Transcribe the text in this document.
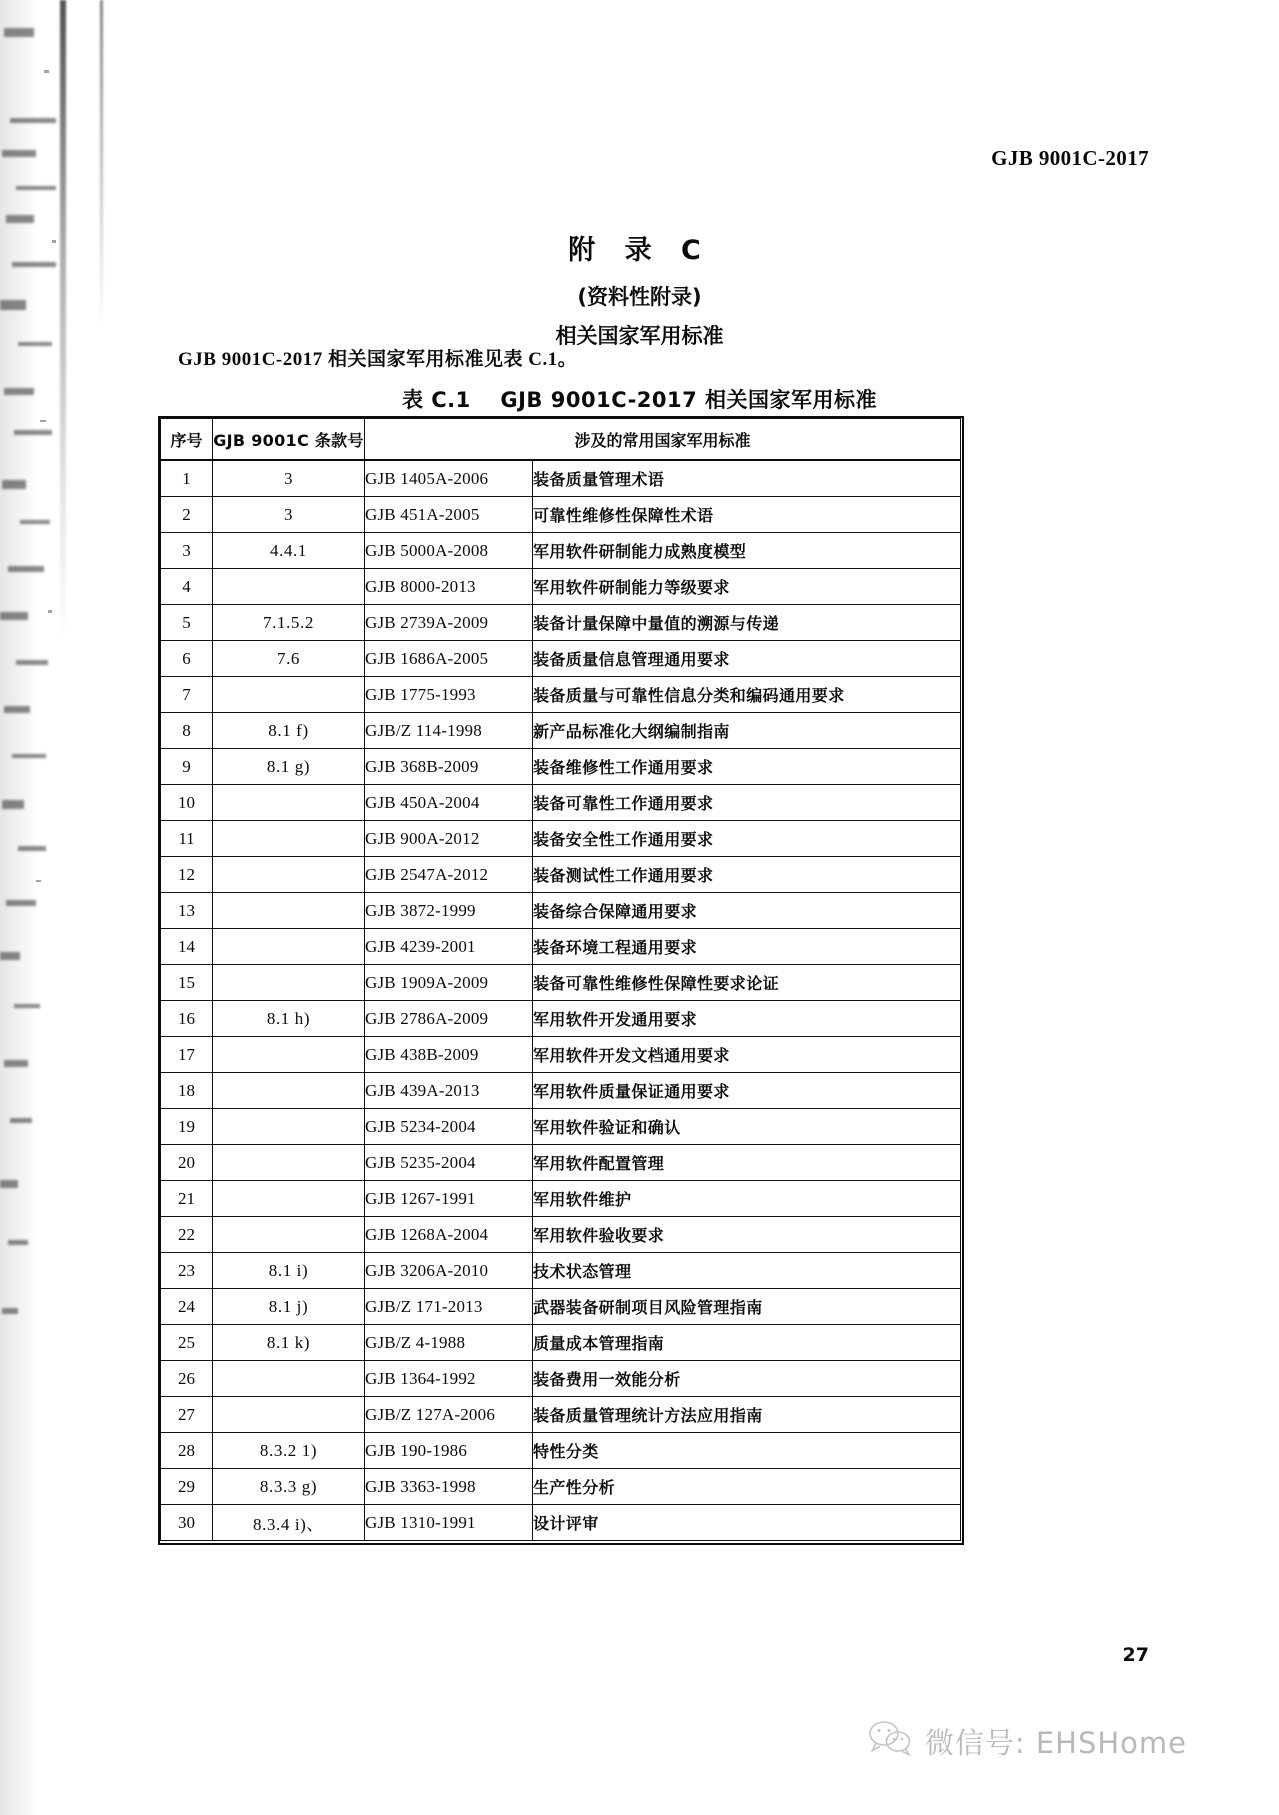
GJB 9001C-2017
附 录 C
(资料性附录)
相关国家军用标准
GJB 9001C-2017 相关国家军用标准见表 C.1。
表 C.1 GJB 9001C-2017 相关国家军用标准
序号	GJB 9001C 条款号	涉及的常用国家军用标准	
1	3	GJB 1405A-2006	装备质量管理术语
2	3	GJB 451A-2005	可靠性维修性保障性术语
3	4.4.1	GJB 5000A-2008	军用软件研制能力成熟度模型
4		GJB 8000-2013	军用软件研制能力等级要求
5	7.1.5.2	GJB 2739A-2009	装备计量保障中量值的溯源与传递
6	7.6	GJB 1686A-2005	装备质量信息管理通用要求
7		GJB 1775-1993	装备质量与可靠性信息分类和编码通用要求
8	8.1 f)	GJB/Z 114-1998	新产品标准化大纲编制指南
9	8.1 g)	GJB 368B-2009	装备维修性工作通用要求
10		GJB 450A-2004	装备可靠性工作通用要求
11		GJB 900A-2012	装备安全性工作通用要求
12		GJB 2547A-2012	装备测试性工作通用要求
13		GJB 3872-1999	装备综合保障通用要求
14		GJB 4239-2001	装备环境工程通用要求
15		GJB 1909A-2009	装备可靠性维修性保障性要求论证
16	8.1 h)	GJB 2786A-2009	军用软件开发通用要求
17		GJB 438B-2009	军用软件开发文档通用要求
18		GJB 439A-2013	军用软件质量保证通用要求
19		GJB 5234-2004	军用软件验证和确认
20		GJB 5235-2004	军用软件配置管理
21		GJB 1267-1991	军用软件维护
22		GJB 1268A-2004	军用软件验收要求
23	8.1 i)	GJB 3206A-2010	技术状态管理
24	8.1 j)	GJB/Z 171-2013	武器装备研制项目风险管理指南
25	8.1 k)	GJB/Z 4-1988	质量成本管理指南
26		GJB 1364-1992	装备费用一效能分析
27		GJB/Z 127A-2006	装备质量管理统计方法应用指南
28	8.3.2 1)	GJB 190-1986	特性分类
29	8.3.3 g)	GJB 3363-1998	生产性分析
30	8.3.4 i)、	GJB 1310-1991	设计评审
27
微信号: EHSHome
